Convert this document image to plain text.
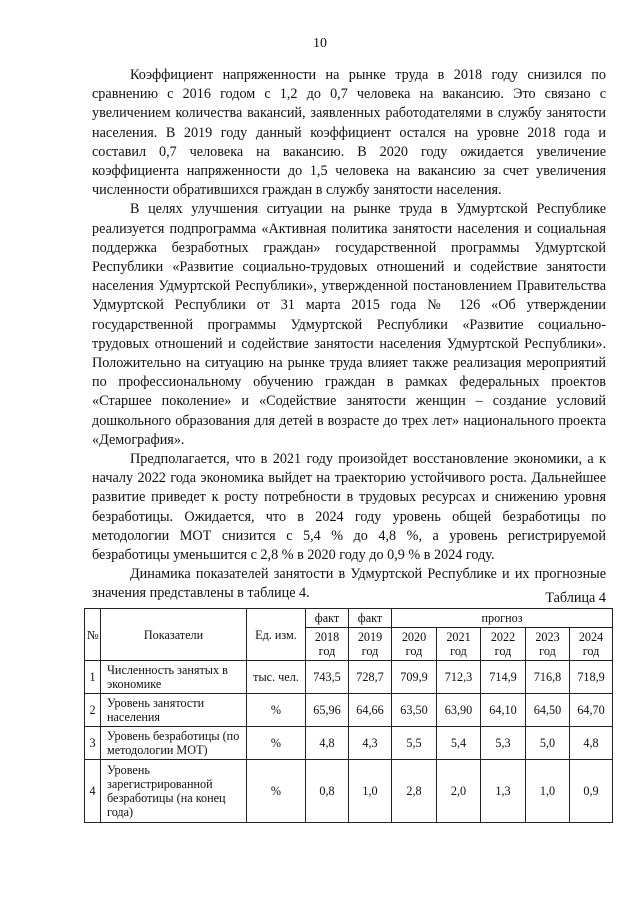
10

Коэффициент напряженности на рынке труда в 2018 году снизился по сравнению с 2016 годом с 1,2 до 0,7 человека на вакансию. Это связано с увеличением количества вакансий, заявленных работодателями в службу занятости населения. В 2019 году данный коэффициент остался на уровне 2018 года и составил 0,7 человека на вакансию. В 2020 году ожидается увеличение коэффициента напряженности до 1,5 человека на вакансию за счет увеличения численности обратившихся граждан в службу занятости населения.

В целях улучшения ситуации на рынке труда в Удмуртской Республике реализуется подпрограмма «Активная политика занятости населения и социальная поддержка безработных граждан» государственной программы Удмуртской Республики «Развитие социально-трудовых отношений и содействие занятости населения Удмуртской Республики», утвержденной постановлением Правительства Удмуртской Республики от 31 марта 2015 года № 126 «Об утверждении государственной программы Удмуртской Республики «Развитие социально-трудовых отношений и содействие занятости населения Удмуртской Республики». Положительно на ситуацию на рынке труда влияет также реализация мероприятий по профессиональному обучению граждан в рамках федеральных проектов «Старшее поколение» и «Содействие занятости женщин – создание условий дошкольного образования для детей в возрасте до трех лет» национального проекта «Демография».

Предполагается, что в 2021 году произойдет восстановление экономики, а к началу 2022 года экономика выйдет на траекторию устойчивого роста. Дальнейшее развитие приведет к росту потребности в трудовых ресурсах и снижению уровня безработицы. Ожидается, что в 2024 году уровень общей безработицы по методологии МОТ снизится с 5,4 % до 4,8 %, а уровень регистрируемой безработицы уменьшится с 2,8 % в 2020 году до 0,9 % в 2024 году.

Динамика показателей занятости в Удмуртской Республике и их прогнозные значения представлены в таблице 4.	Таблица 4
№	Показатели	Ед. изм.	факт	факт	прогноз				
			2018 год	2019 год	2020 год	2021 год	2022 год	2023 год	2024 год
1	Численность занятых в экономике	тыс. чел.	743,5	728,7	709,9	712,3	714,9	716,8	718,9
2	Уровень занятости населения	%	65,96	64,66	63,50	63,90	64,10	64,50	64,70
3	Уровень безработицы (по методологии МОТ)	%	4,8	4,3	5,5	5,4	5,3	5,0	4,8
4	Уровень зарегистрированной безработицы (на конец года)	%	0,8	1,0	2,8	2,0	1,3	1,0	0,9
